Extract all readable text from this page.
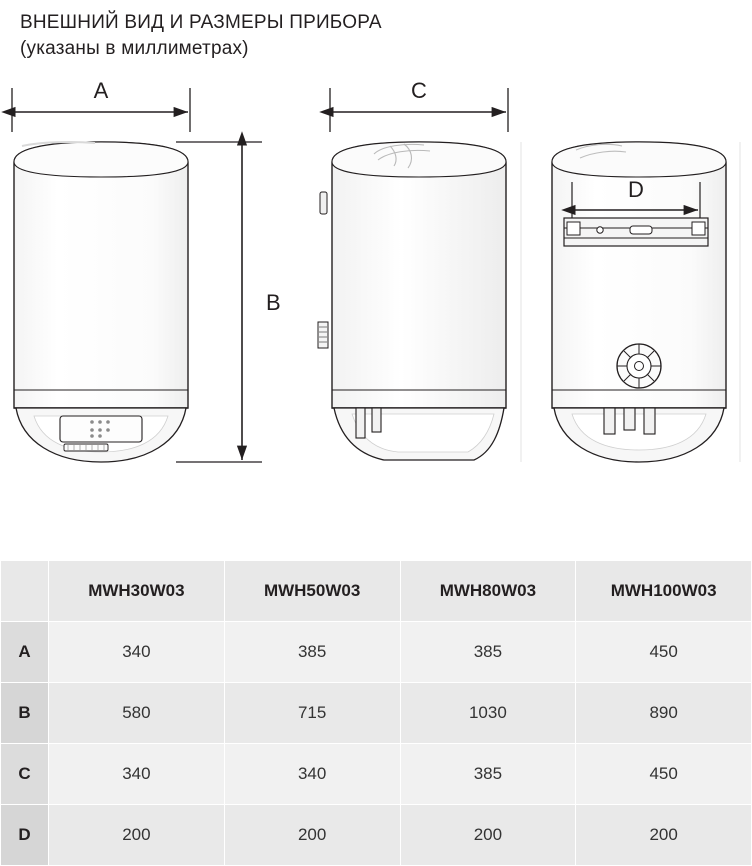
ВНЕШНИЙ ВИД И РАЗМЕРЫ ПРИБОРА
(указаны в миллиметрах)
A
B
C
D
	MWH30W03	MWH50W03	MWH80W03	MWH100W03
A	340	385	385	450
B	580	715	1030	890
C	340	340	385	450
D	200	200	200	200
